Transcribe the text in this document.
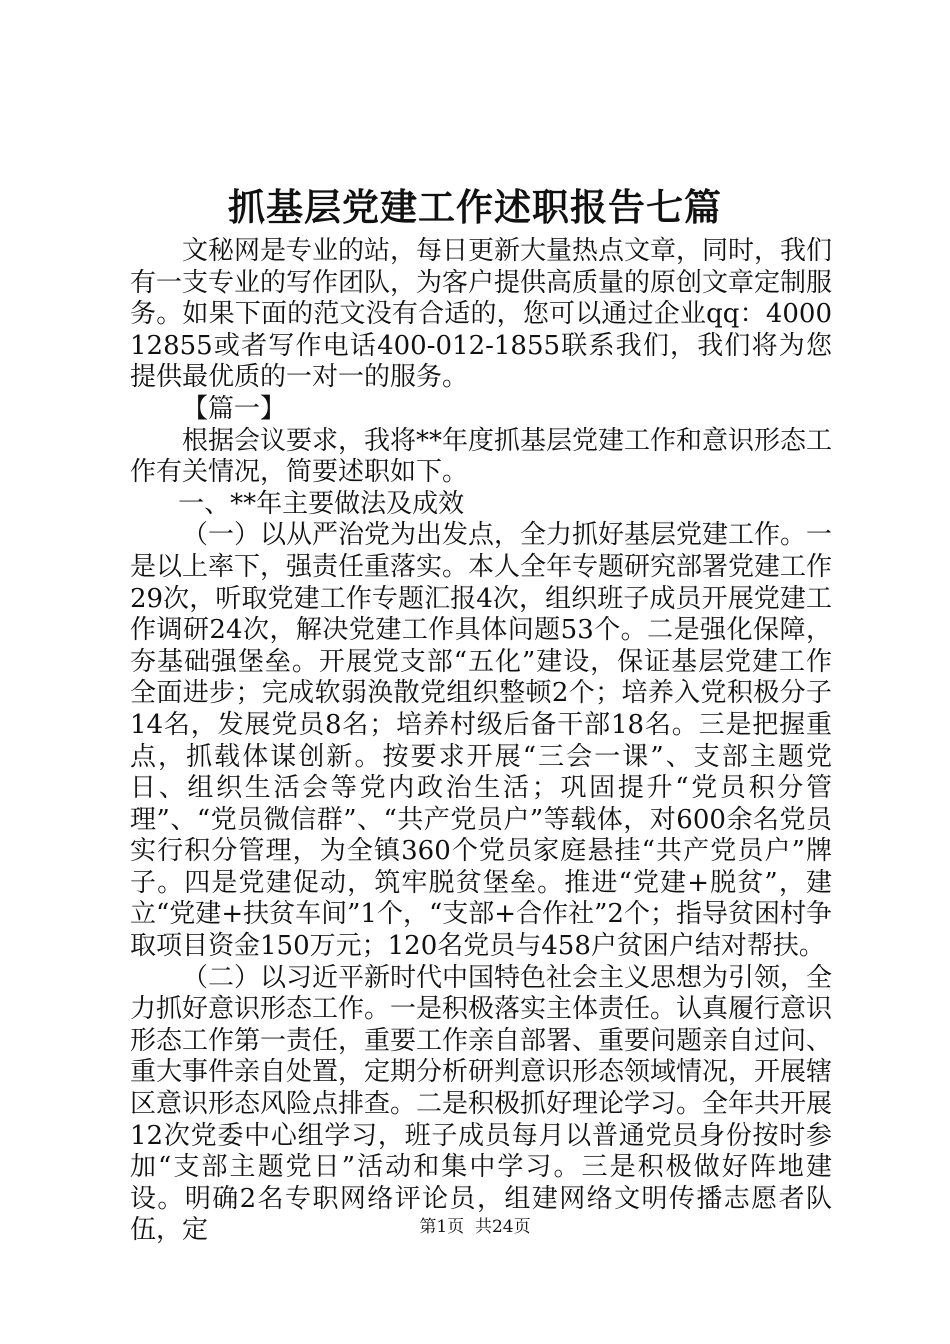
抓基层党建工作述职报告七篇

文秘网是专业的站，每日更新大量热点文章，同时，我们有一支专业的写作团队，为客户提供高质量的原创文章定制服务。如果下面的范文没有合适的，您可以通过企业qq：400012855或者写作电话400-012-1855联系我们，我们将为您提供最优质的一对一的服务。

【篇一】

根据会议要求，我将**年度抓基层党建工作和意识形态工作有关情况，简要述职如下。

一、**年主要做法及成效

（一）以从严治党为出发点，全力抓好基层党建工作。一是以上率下，强责任重落实。本人全年专题研究部署党建工作29次，听取党建工作专题汇报4次，组织班子成员开展党建工作调研24次，解决党建工作具体问题53个。二是强化保障，夯基础强堡垒。开展党支部“五化”建设，保证基层党建工作全面进步；完成软弱涣散党组织整顿2个；培养入党积极分子14名，发展党员8名；培养村级后备干部18名。三是把握重点，抓载体谋创新。按要求开展“三会一课”、支部主题党日、组织生活会等党内政治生活；巩固提升“党员积分管理”、“党员微信群”、“共产党员户”等载体，对600余名党员实行积分管理，为全镇360个党员家庭悬挂“共产党员户”牌子。四是党建促动，筑牢脱贫堡垒。推进“党建+脱贫”，建立“党建+扶贫车间”1个，“支部+合作社”2个；指导贫困村争取项目资金150万元；120名党员与458户贫困户结对帮扶。

（二）以习近平新时代中国特色社会主义思想为引领，全力抓好意识形态工作。一是积极落实主体责任。认真履行意识形态工作第一责任，重要工作亲自部署、重要问题亲自过问、重大事件亲自处置，定期分析研判意识形态领域情况，开展辖区意识形态风险点排查。二是积极抓好理论学习。全年共开展12次党委中心组学习，班子成员每月以普通党员身份按时参加“支部主题党日”活动和集中学习。三是积极做好阵地建设。明确2名专职网络评论员，组建网络文明传播志愿者队伍，定	第1页  共24页
